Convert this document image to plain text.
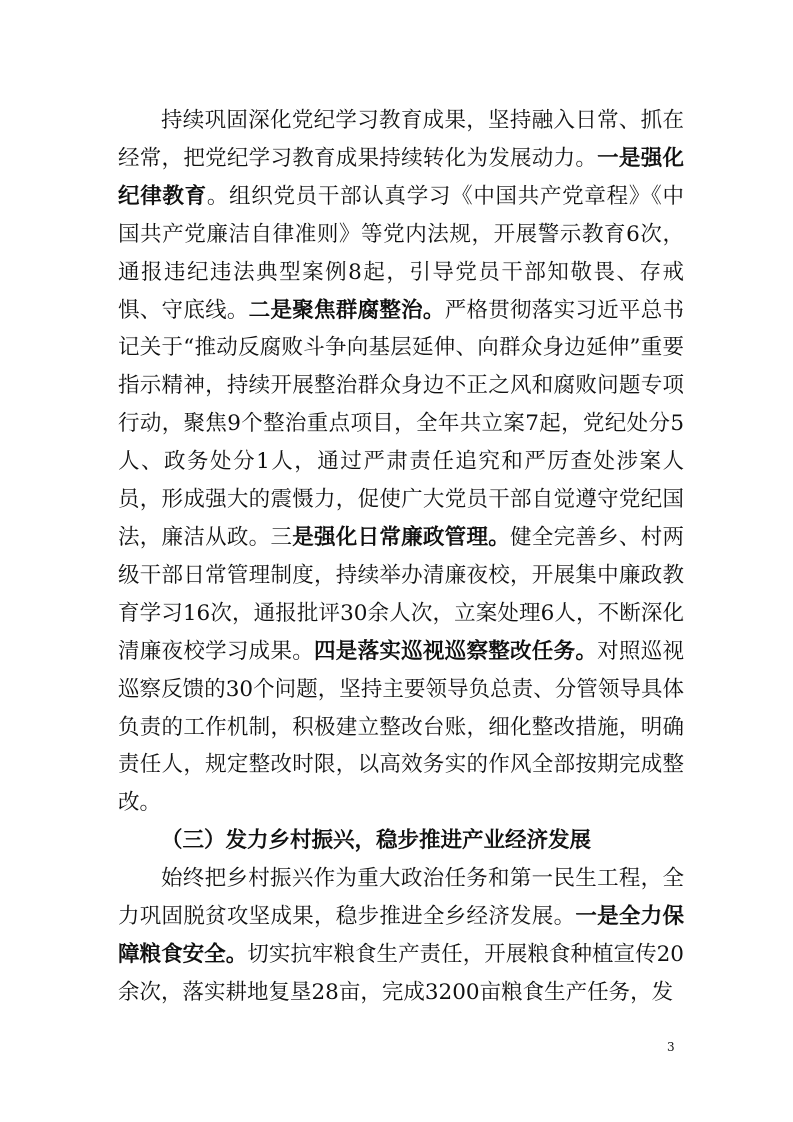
持续巩固深化党纪学习教育成果，坚持融入日常、抓在经常，把党纪学习教育成果持续转化为发展动力。一是强化纪律教育。组织党员干部认真学习《中国共产党章程》《中国共产党廉洁自律准则》等党内法规，开展警示教育6次，通报违纪违法典型案例8起，引导党员干部知敬畏、存戒惧、守底线。二是聚焦群腐整治。严格贯彻落实习近平总书记关于“推动反腐败斗争向基层延伸、向群众身边延伸”重要指示精神，持续开展整治群众身边不正之风和腐败问题专项行动，聚焦9个整治重点项目，全年共立案7起，党纪处分5人、政务处分1人，通过严肃责任追究和严厉查处涉案人员，形成强大的震慑力，促使广大党员干部自觉遵守党纪国法，廉洁从政。三是强化日常廉政管理。健全完善乡、村两级干部日常管理制度，持续举办清廉夜校，开展集中廉政教育学习16次，通报批评30余人次，立案处理6人，不断深化清廉夜校学习成果。四是落实巡视巡察整改任务。对照巡视巡察反馈的30个问题，坚持主要领导负总责、分管领导具体负责的工作机制，积极建立整改台账，细化整改措施，明确责任人，规定整改时限，以高效务实的作风全部按期完成整改。

（三）发力乡村振兴，稳步推进产业经济发展

始终把乡村振兴作为重大政治任务和第一民生工程，全力巩固脱贫攻坚成果，稳步推进全乡经济发展。一是全力保障粮食安全。切实抗牢粮食生产责任，开展粮食种植宣传20余次，落实耕地复垦28亩，完成3200亩粮食生产任务，发

3
